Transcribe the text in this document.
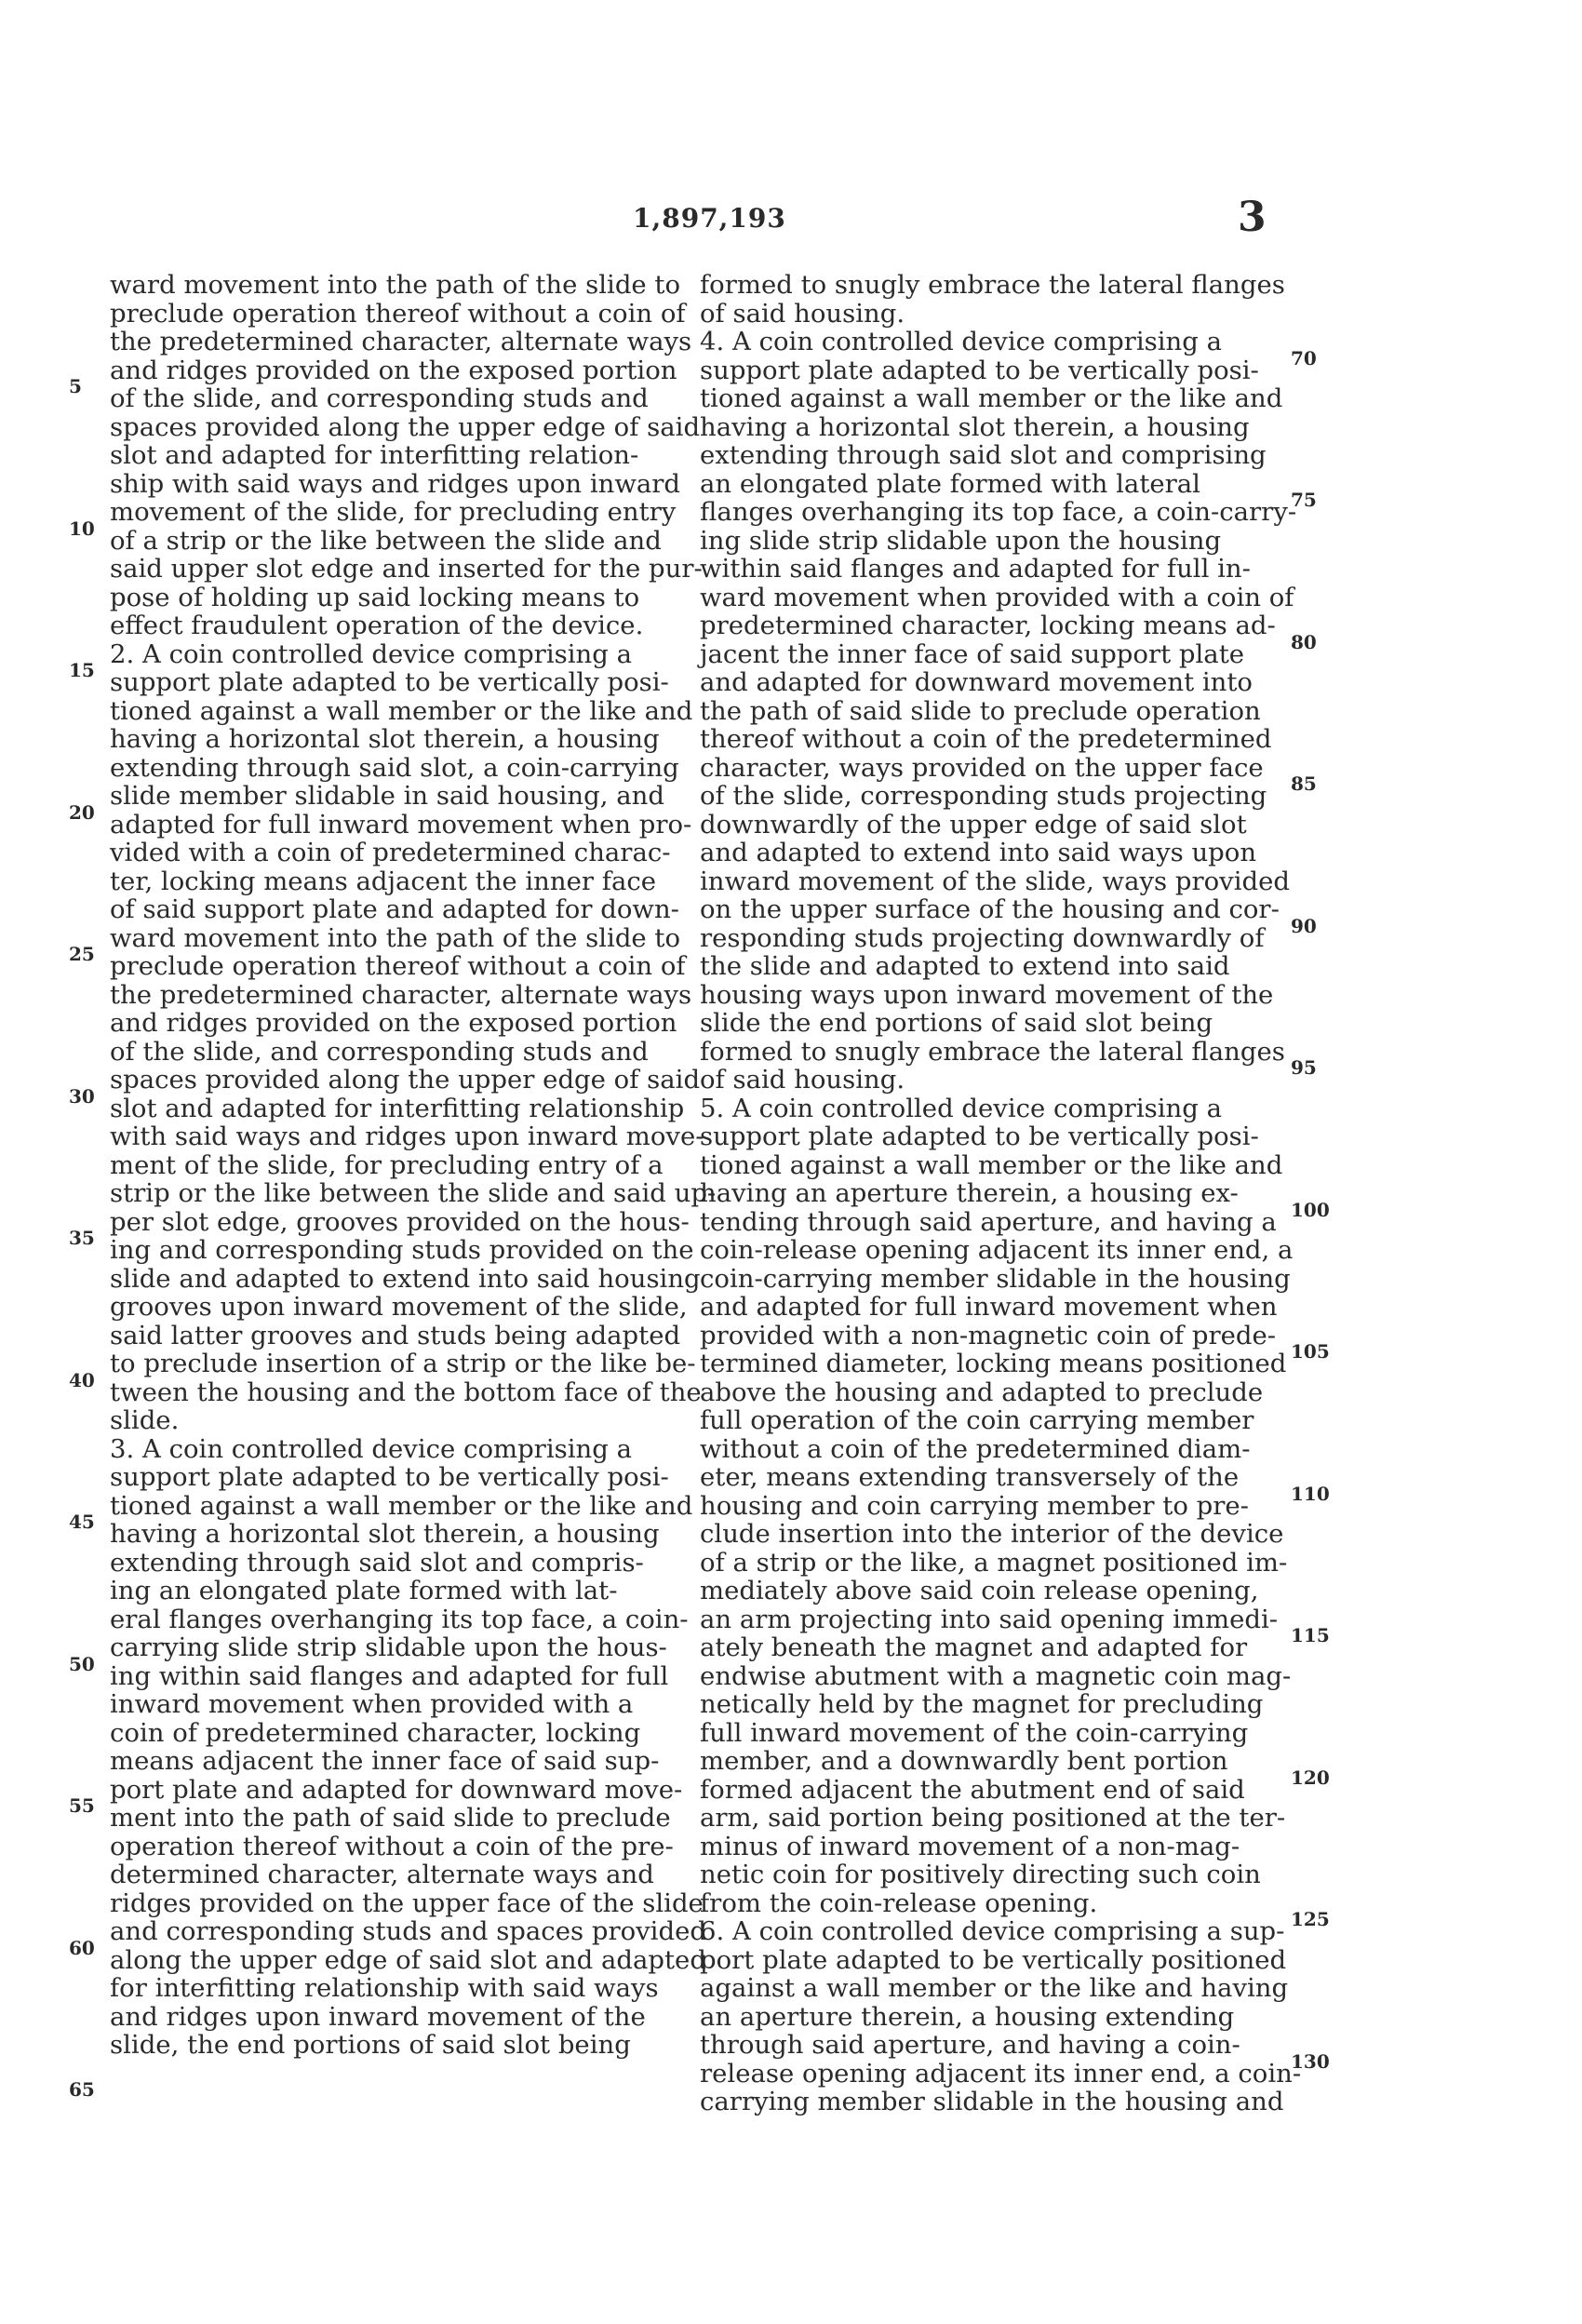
1,897,193	3
ward movement into the path of the slide to
preclude operation thereof without a coin of
the predetermined character, alternate ways
and ridges provided on the exposed portion
of the slide, and corresponding studs and
spaces provided along the upper edge of said
slot and adapted for interfitting relation-
ship with said ways and ridges upon inward
movement of the slide, for precluding entry
of a strip or the like between the slide and
said upper slot edge and inserted for the pur-
pose of holding up said locking means to
effect fraudulent operation of the device.
2. A coin controlled device comprising a
support plate adapted to be vertically posi-
tioned against a wall member or the like and
having a horizontal slot therein, a housing
extending through said slot, a coin-carrying
slide member slidable in said housing, and
adapted for full inward movement when pro-
vided with a coin of predetermined charac-
ter, locking means adjacent the inner face
of said support plate and adapted for down-
ward movement into the path of the slide to
preclude operation thereof without a coin of
the predetermined character, alternate ways
and ridges provided on the exposed portion
of the slide, and corresponding studs and
spaces provided along the upper edge of said
slot and adapted for interfitting relationship
with said ways and ridges upon inward move-
ment of the slide, for precluding entry of a
strip or the like between the slide and said up-
per slot edge, grooves provided on the hous-
ing and corresponding studs provided on the
slide and adapted to extend into said housing
grooves upon inward movement of the slide,
said latter grooves and studs being adapted
to preclude insertion of a strip or the like be-
tween the housing and the bottom face of the
slide.
3. A coin controlled device comprising a
support plate adapted to be vertically posi-
tioned against a wall member or the like and
having a horizontal slot therein, a housing
extending through said slot and compris-
ing an elongated plate formed with lat-
eral flanges overhanging its top face, a coin-
carrying slide strip slidable upon the hous-
ing within said flanges and adapted for full
inward movement when provided with a
coin of predetermined character, locking
means adjacent the inner face of said sup-
port plate and adapted for downward move-
ment into the path of said slide to preclude
operation thereof without a coin of the pre-
determined character, alternate ways and
ridges provided on the upper face of the slide
and corresponding studs and spaces provided
along the upper edge of said slot and adapted
for interfitting relationship with said ways
and ridges upon inward movement of the
slide, the end portions of said slot being
formed to snugly embrace the lateral flanges
of said housing.
4. A coin controlled device comprising a
support plate adapted to be vertically posi-
tioned against a wall member or the like and
having a horizontal slot therein, a housing
extending through said slot and comprising
an elongated plate formed with lateral
flanges overhanging its top face, a coin-carry-
ing slide strip slidable upon the housing
within said flanges and adapted for full in-
ward movement when provided with a coin of
predetermined character, locking means ad-
jacent the inner face of said support plate
and adapted for downward movement into
the path of said slide to preclude operation
thereof without a coin of the predetermined
character, ways provided on the upper face
of the slide, corresponding studs projecting
downwardly of the upper edge of said slot
and adapted to extend into said ways upon
inward movement of the slide, ways provided
on the upper surface of the housing and cor-
responding studs projecting downwardly of
the slide and adapted to extend into said
housing ways upon inward movement of the
slide the end portions of said slot being
formed to snugly embrace the lateral flanges
of said housing.
5. A coin controlled device comprising a
support plate adapted to be vertically posi-
tioned against a wall member or the like and
having an aperture therein, a housing ex-
tending through said aperture, and having a
coin-release opening adjacent its inner end, a
coin-carrying member slidable in the housing
and adapted for full inward movement when
provided with a non-magnetic coin of prede-
termined diameter, locking means positioned
above the housing and adapted to preclude
full operation of the coin carrying member
without a coin of the predetermined diam-
eter, means extending transversely of the
housing and coin carrying member to pre-
clude insertion into the interior of the device
of a strip or the like, a magnet positioned im-
mediately above said coin release opening,
an arm projecting into said opening immedi-
ately beneath the magnet and adapted for
endwise abutment with a magnetic coin mag-
netically held by the magnet for precluding
full inward movement of the coin-carrying
member, and a downwardly bent portion
formed adjacent the abutment end of said
arm, said portion being positioned at the ter-
minus of inward movement of a non-mag-
netic coin for positively directing such coin
from the coin-release opening.
6. A coin controlled device comprising a sup-
port plate adapted to be vertically positioned
against a wall member or the like and having
an aperture therein, a housing extending
through said aperture, and having a coin-
release opening adjacent its inner end, a coin-
carrying member slidable in the housing and
5
10
15
20
25
30
35
40
45
50
55
60
65
70
75
80
85
90
95
100
105
110
115
120
125
130
